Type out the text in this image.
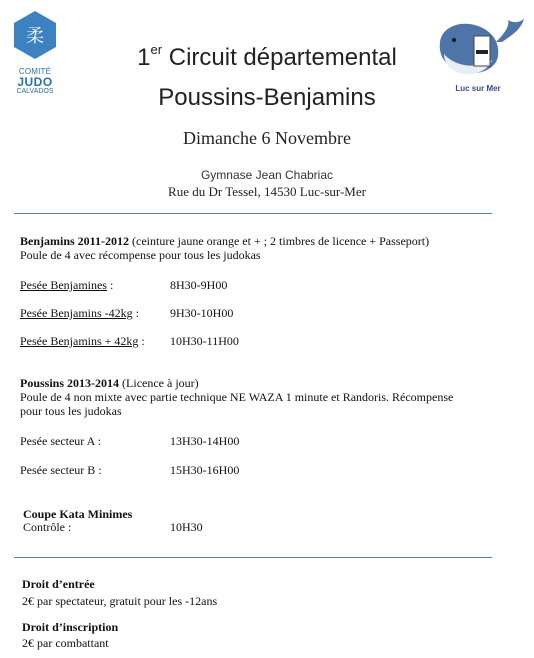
柔
COMITÉ
JUDO
CALVADOS	Luc sur Mer
1er Circuit départemental
Poussins-Benjamins
Dimanche 6 Novembre
Gymnase Jean Chabriac
Rue du Dr Tessel, 14530 Luc-sur-Mer
Benjamins 2011-2012 (ceinture jaune orange et + ; 2 timbres de licence + Passeport)
Poule de 4 avec récompense pour tous les judokas
Pesée Benjamines :	8H30-9H00
Pesée Benjamins -42kg :	9H30-10H00
Pesée Benjamins + 42kg : 10H30-11H00
Poussins 2013-2014 (Licence à jour)
Poule de 4 non mixte avec partie technique NE WAZA 1 minute et Randoris. Récompense
pour tous les judokas
Pesée secteur A :	13H30-14H00
Pesée secteur B :	15H30-16H00
Coupe Kata Minimes
Contrôle :	10H30
Droit d’entrée
2€ par spectateur, gratuit pour les -12ans
Droit d’inscription
2€ par combattant
